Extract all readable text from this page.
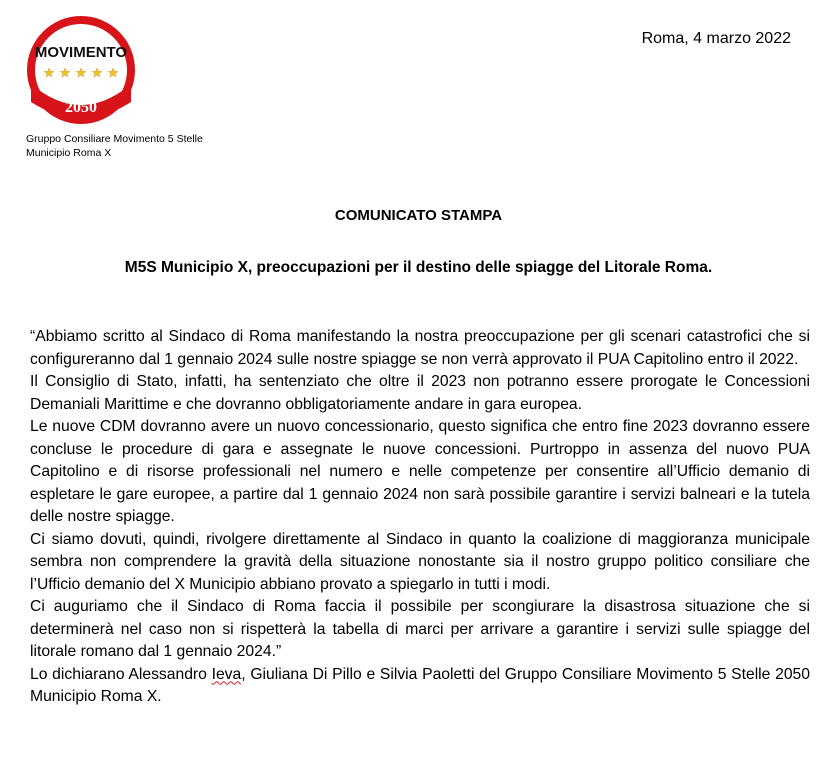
MOVIMENTO
2050
Gruppo Consiliare Movimento 5 Stelle
Municipio Roma X
Roma, 4 marzo 2022
COMUNICATO STAMPA
M5S Municipio X, preoccupazioni per il destino delle spiagge del Litorale Roma.

“Abbiamo scritto al Sindaco di Roma manifestando la nostra preoccupazione per gli scenari catastrofici che si configureranno dal 1 gennaio 2024 sulle nostre spiagge se non verrà approvato il PUA Capitolino entro il 2022.

Il Consiglio di Stato, infatti, ha sentenziato che oltre il 2023 non potranno essere prorogate le Concessioni Demaniali Marittime e che dovranno obbligatoriamente andare in gara europea.

Le nuove CDM dovranno avere un nuovo concessionario, questo significa che entro fine 2023 dovranno essere concluse le procedure di gara e assegnate le nuove concessioni. Purtroppo in assenza del nuovo PUA Capitolino e di risorse professionali nel numero e nelle competenze per consentire all’Ufficio demanio di espletare le gare europee, a partire dal 1 gennaio 2024 non sarà possibile garantire i servizi balneari e la tutela delle nostre spiagge.

Ci siamo dovuti, quindi, rivolgere direttamente al Sindaco in quanto la coalizione di maggioranza municipale sembra non comprendere la gravità della situazione nonostante sia il nostro gruppo politico consiliare che l’Ufficio demanio del X Municipio abbiano provato a spiegarlo in tutti i modi.

Ci auguriamo che il Sindaco di Roma faccia il possibile per scongiurare la disastrosa situazione che si determinerà nel caso non si rispetterà la tabella di marci per arrivare a garantire i servizi sulle spiagge del litorale romano dal 1 gennaio 2024.”

Lo dichiarano Alessandro Ieva, Giuliana Di Pillo e Silvia Paoletti del Gruppo Consiliare Movimento 5 Stelle 2050 Municipio Roma X.
